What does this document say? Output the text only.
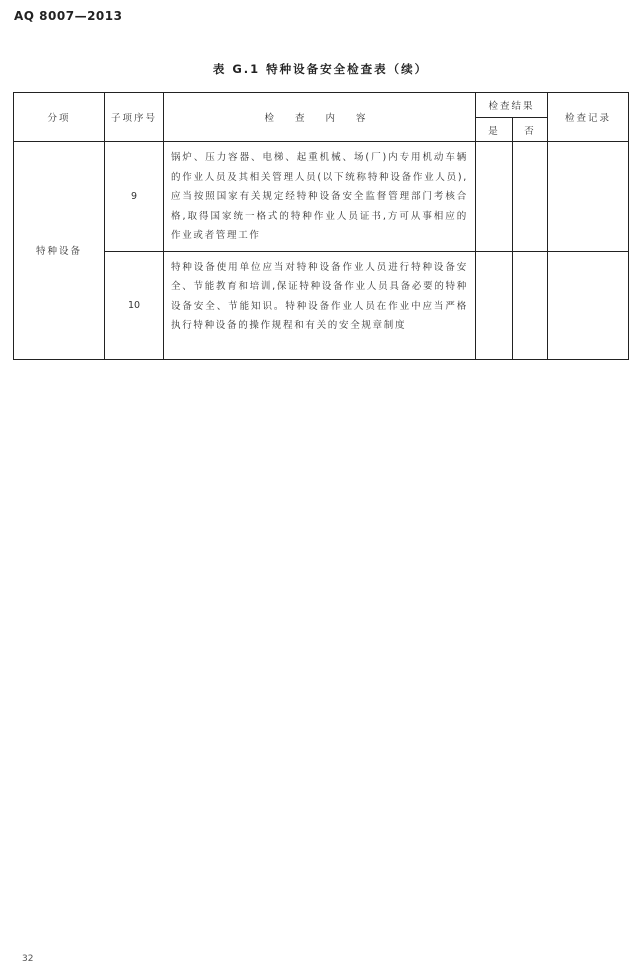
AQ 8007—2013
表 G.1 特种设备安全检查表（续）
分项	子项序号	检 查 内 容	检查结果		检查记录
			是	否	
特种设备	9	锅炉、压力容器、电梯、起重机械、场(厂)内专用机动车辆的作业人员及其相关管理人员(以下统称特种设备作业人员),应当按照国家有关规定经特种设备安全监督管理部门考核合格,取得国家统一格式的特种作业人员证书,方可从事相应的作业或者管理工作			
	10	特种设备使用单位应当对特种设备作业人员进行特种设备安全、节能教育和培训,保证特种设备作业人员具备必要的特种设备安全、节能知识。特种设备作业人员在作业中应当严格执行特种设备的操作规程和有关的安全规章制度			
32
